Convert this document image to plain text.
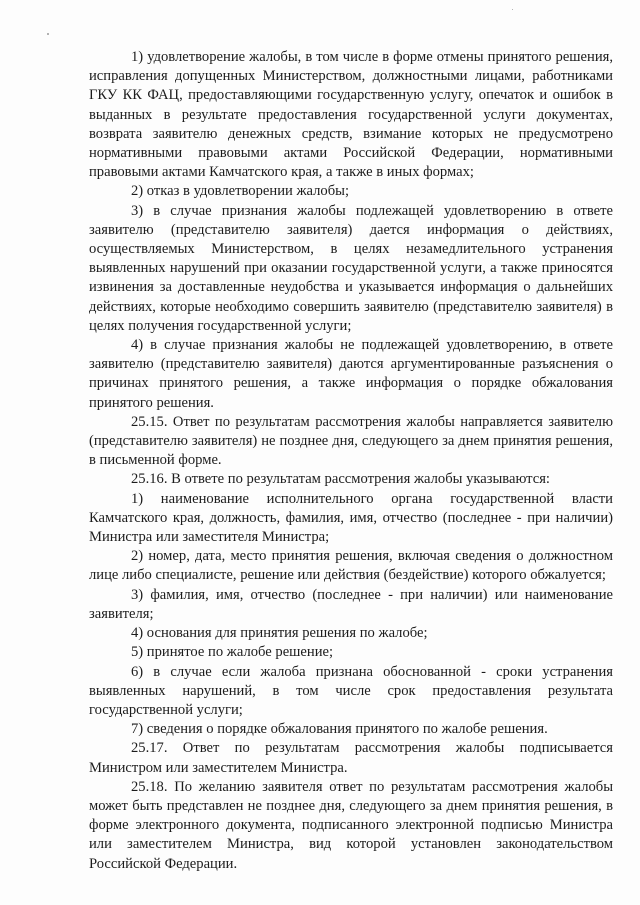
1) удовлетворение жалобы, в том числе в форме отмены принятого решения, исправления допущенных Министерством, должностными лицами, работниками ГКУ КК ФАЦ, предоставляющими государственную услугу, опечаток и ошибок в выданных в результате предоставления государственной услуги документах, возврата заявителю денежных средств, взимание которых не предусмотрено нормативными правовыми актами Российской Федерации, нормативными правовыми актами Камчатского края, а также в иных формах;

2) отказ в удовлетворении жалобы;

3) в случае признания жалобы подлежащей удовлетворению в ответе заявителю (представителю заявителя) дается информация о действиях, осуществляемых Министерством, в целях незамедлительного устранения выявленных нарушений при оказании государственной услуги, а также приносятся извинения за доставленные неудобства и указывается информация о дальнейших действиях, которые необходимо совершить заявителю (представителю заявителя) в целях получения государственной услуги;

4) в случае признания жалобы не подлежащей удовлетворению, в ответе заявителю (представителю заявителя) даются аргументированные разъяснения о причинах принятого решения, а также информация о порядке обжалования принятого решения.

25.15. Ответ по результатам рассмотрения жалобы направляется заявителю (представителю заявителя) не позднее дня, следующего за днем принятия решения, в письменной форме.

25.16. В ответе по результатам рассмотрения жалобы указываются:

1) наименование исполнительного органа государственной власти Камчатского края, должность, фамилия, имя, отчество (последнее - при наличии) Министра или заместителя Министра;

2) номер, дата, место принятия решения, включая сведения о должностном лице либо специалисте, решение или действия (бездействие) которого обжалуется;

3) фамилия, имя, отчество (последнее - при наличии) или наименование заявителя;

4) основания для принятия решения по жалобе;

5) принятое по жалобе решение;

6) в случае если жалоба признана обоснованной - сроки устранения выявленных нарушений, в том числе срок предоставления результата государственной услуги;

7) сведения о порядке обжалования принятого по жалобе решения.

25.17. Ответ по результатам рассмотрения жалобы подписывается Министром или заместителем Министра.

25.18. По желанию заявителя ответ по результатам рассмотрения жалобы может быть представлен не позднее дня, следующего за днем принятия решения, в форме электронного документа, подписанного электронной подписью Министра или заместителем Министра, вид которой установлен законодательством Российской Федерации.
